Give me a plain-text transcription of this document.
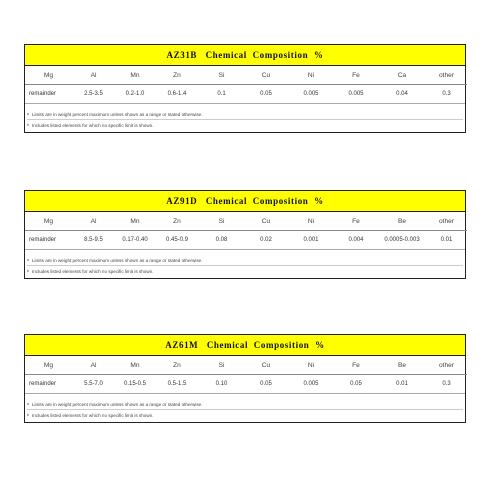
AZ31B   Chemical  Composition  %
Mg	Al	Mn	Zn	Si	Cu	Ni	Fe	Ca	other
remainder	2.5-3.5	0.2-1.0	0.6-1.4	0.1	0.05	0.005	0.005	0.04	0.3
a Limits are in weight percent maximum unless shown as a range or stated otherwise.
b Includes listed elements for which no specific limit is shown.
AZ91D   Chemical  Composition  %
Mg	Al	Mn	Zn	Si	Cu	Ni	Fe	Be	other
remainder	8.5-9.5	0.17-0.40	0.45-0.9	0.08	0.02	0.001	0.004	0.0005-0.003	0.01
a Limits are in weight percent maximum unless shown as a range or stated otherwise.
b Includes listed elements for which no specific limit is shown.
AZ61M   Chemical  Composition  %
Mg	Al	Mn	Zn	Si	Cu	Ni	Fe	Be	other
remainder	5.5-7.0	0.15-0.5	0.5-1.5	0.10	0.05	0.005	0.05	0.01	0.3
a Limits are in weight percent maximum unless shown as a range or stated otherwise.
b Includes listed elements for which no specific limit is shown.
